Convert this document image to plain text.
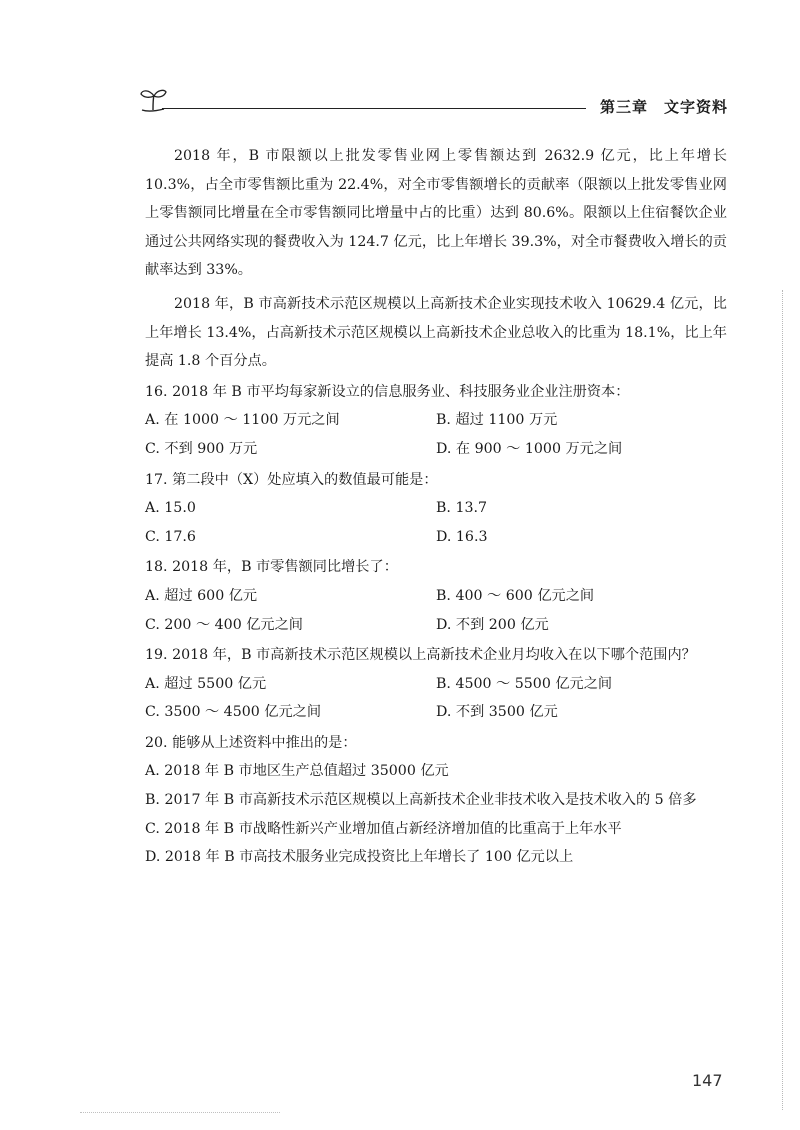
第三章　文字资料

2018 年，B 市限额以上批发零售业网上零售额达到 2632.9 亿元，比上年增长 10.3%，占全市零售额比重为 22.4%，对全市零售额增长的贡献率（限额以上批发零售业网上零售额同比增量在全市零售额同比增量中占的比重）达到 80.6%。限额以上住宿餐饮企业通过公共网络实现的餐费收入为 124.7 亿元，比上年增长 39.3%，对全市餐费收入增长的贡献率达到 33%。

2018 年，B 市高新技术示范区规模以上高新技术企业实现技术收入 10629.4 亿元，比上年增长 13.4%，占高新技术示范区规模以上高新技术企业总收入的比重为 18.1%，比上年提高 1.8 个百分点。

16. 2018 年 B 市平均每家新设立的信息服务业、科技服务业企业注册资本：

A. 在 1000 ～ 1100 万元之间	B. 超过 1100 万元

C. 不到 900 万元	D. 在 900 ～ 1000 万元之间

17. 第二段中（X）处应填入的数值最可能是：

A. 15.0	B. 13.7

C. 17.6	D. 16.3

18. 2018 年，B 市零售额同比增长了：

A. 超过 600 亿元	B. 400 ～ 600 亿元之间

C. 200 ～ 400 亿元之间	D. 不到 200 亿元

19. 2018 年，B 市高新技术示范区规模以上高新技术企业月均收入在以下哪个范围内？

A. 超过 5500 亿元	B. 4500 ～ 5500 亿元之间

C. 3500 ～ 4500 亿元之间	D. 不到 3500 亿元

20. 能够从上述资料中推出的是：

A. 2018 年 B 市地区生产总值超过 35000 亿元

B. 2017 年 B 市高新技术示范区规模以上高新技术企业非技术收入是技术收入的 5 倍多

C. 2018 年 B 市战略性新兴产业增加值占新经济增加值的比重高于上年水平

D. 2018 年 B 市高技术服务业完成投资比上年增长了 100 亿元以上

147
